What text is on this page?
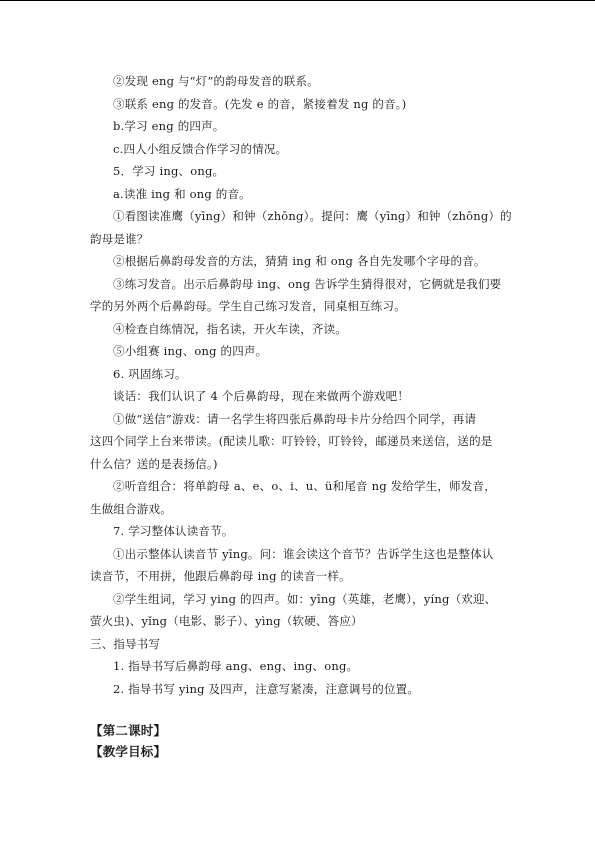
②发现 eng 与“灯”的韵母发音的联系。
③联系 eng 的发音。(先发 e 的音，紧接着发 ng 的音。)
b.学习 eng 的四声。
c.四人小组反馈合作学习的情况。
5．学习 ing、ong。
a.读准 ing 和 ong 的音。
①看图读准鹰（yīng）和钟（zhōng）。提问：鹰（yīng）和钟（zhōng）的
韵母是谁？
②根据后鼻韵母发音的方法，猜猜 ing 和 ong 各自先发哪个字母的音。
③练习发音。出示后鼻韵母 ing、ong 告诉学生猜得很对，它俩就是我们要
学的另外两个后鼻韵母。学生自己练习发音，同桌相互练习。
④检查自练情况，指名读，开火车读，齐读。
⑤小组赛 ing、ong 的四声。
6. 巩固练习。
谈话：我们认识了 4 个后鼻韵母，现在来做两个游戏吧！
①做“送信”游戏：请一名学生将四张后鼻韵母卡片分给四个同学，再请
这四个同学上台来带读。(配读儿歌：叮铃铃，叮铃铃，邮递员来送信，送的是
什么信？送的是表扬信。)
②听音组合：将单韵母 a、e、o、i、u、ü和尾音 ng 发给学生，师发音，
生做组合游戏。
7. 学习整体认读音节。
①出示整体认读音节 yīng。问：谁会读这个音节？告诉学生这也是整体认
读音节，不用拼，他跟后鼻韵母 ing 的读音一样。
②学生组词，学习 ying 的四声。如：yīng（英雄，老鹰），yíng（欢迎、
萤火虫)、yǐng（电影、影子）、yìng（软硬、答应）
三、指导书写
1. 指导书写后鼻韵母 ang、eng、ing、ong。
2. 指导书写 ying 及四声，注意写紧凑，注意调号的位置。
【第二课时】
【教学目标】
